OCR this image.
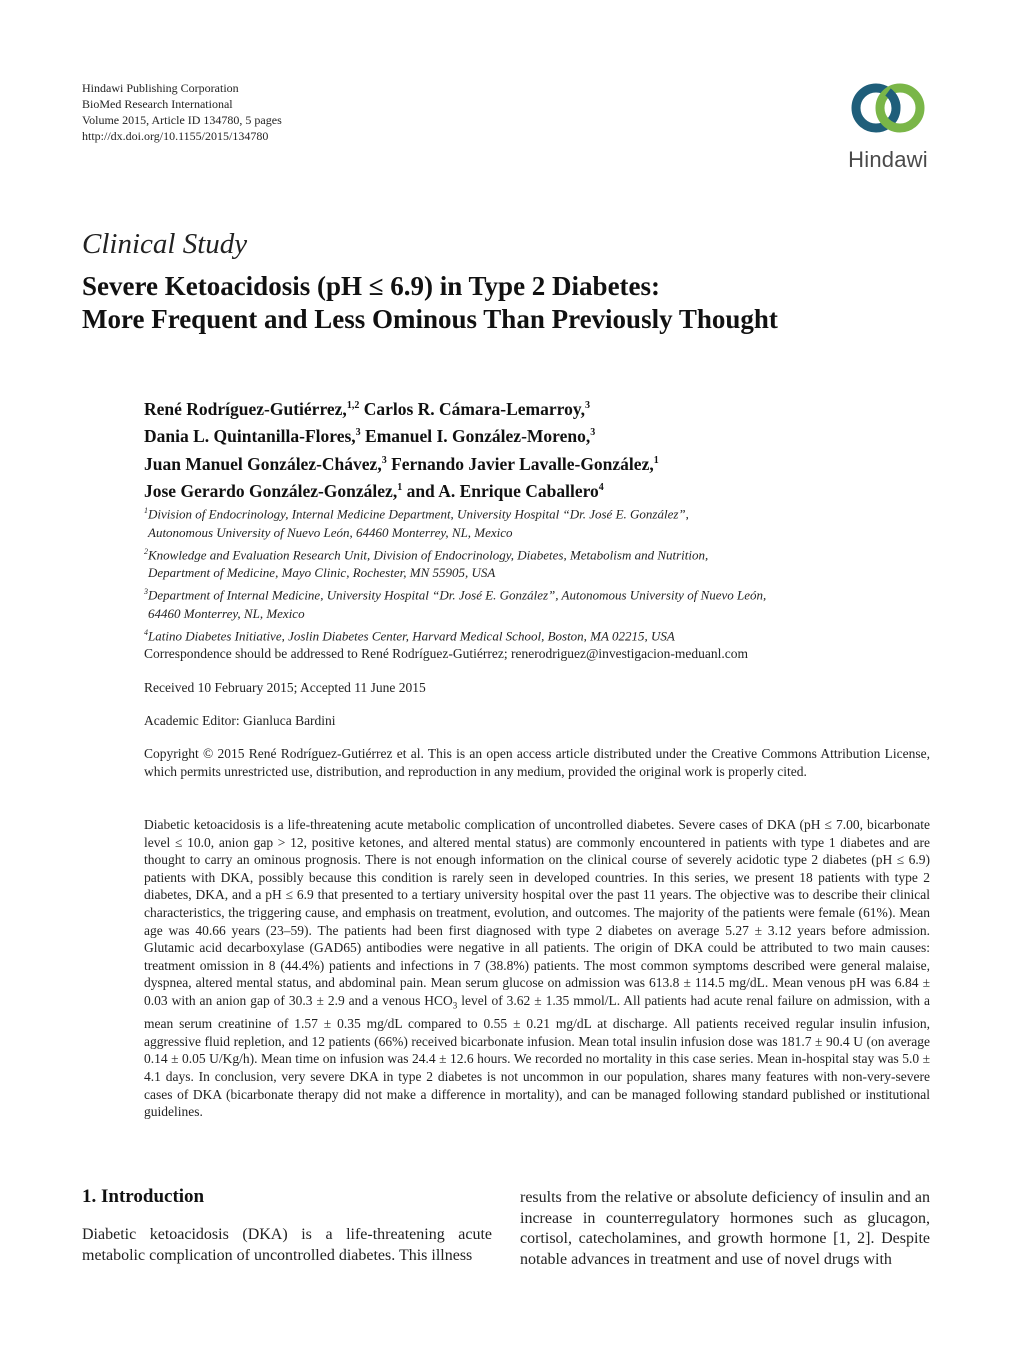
Hindawi Publishing Corporation
BioMed Research International
Volume 2015, Article ID 134780, 5 pages
http://dx.doi.org/10.1155/2015/134780
Hindawi
Clinical Study
Severe Ketoacidosis (pH ≤ 6.9) in Type 2 Diabetes:
More Frequent and Less Ominous Than Previously Thought
René Rodríguez-Gutiérrez,$^{1,2}$ Carlos R. Cámara-Lemarroy,$^3$
Dania L. Quintanilla-Flores,$^3$ Emanuel I. González-Moreno,$^3$
Juan Manuel González-Chávez,$^3$ Fernando Javier Lavalle-González,$^1$
Jose Gerardo González-González,$^1$ and A. Enrique Caballero$^4$
$^1$Division of Endocrinology, Internal Medicine Department, University Hospital “Dr. José E. González”,
Autonomous University of Nuevo León, 64460 Monterrey, NL, Mexico
$^2$Knowledge and Evaluation Research Unit, Division of Endocrinology, Diabetes, Metabolism and Nutrition,
Department of Medicine, Mayo Clinic, Rochester, MN 55905, USA
$^3$Department of Internal Medicine, University Hospital “Dr. José E. González”, Autonomous University of Nuevo León,
64460 Monterrey, NL, Mexico
$^4$Latino Diabetes Initiative, Joslin Diabetes Center, Harvard Medical School, Boston, MA 02215, USA
Correspondence should be addressed to René Rodríguez-Gutiérrez; renerodriguez@investigacion-meduanl.com
Received 10 February 2015; Accepted 11 June 2015
Academic Editor: Gianluca Bardini
Copyright © 2015 René Rodríguez-Gutiérrez et al. This is an open access article distributed under the Creative Commons Attribution License, which permits unrestricted use, distribution, and reproduction in any medium, provided the original work is properly cited.
Diabetic ketoacidosis is a life-threatening acute metabolic complication of uncontrolled diabetes. Severe cases of DKA (pH ≤ 7.00, bicarbonate level ≤ 10.0, anion gap > 12, positive ketones, and altered mental status) are commonly encountered in patients with type 1 diabetes and are thought to carry an ominous prognosis. There is not enough information on the clinical course of severely acidotic type 2 diabetes (pH ≤ 6.9) patients with DKA, possibly because this condition is rarely seen in developed countries. In this series, we present 18 patients with type 2 diabetes, DKA, and a pH ≤ 6.9 that presented to a tertiary university hospital over the past 11 years. The objective was to describe their clinical characteristics, the triggering cause, and emphasis on treatment, evolution, and outcomes. The majority of the patients were female (61%). Mean age was 40.66 years (23–59). The patients had been first diagnosed with type 2 diabetes on average 5.27 ± 3.12 years before admission. Glutamic acid decarboxylase (GAD65) antibodies were negative in all patients. The origin of DKA could be attributed to two main causes: treatment omission in 8 (44.4%) patients and infections in 7 (38.8%) patients. The most common symptoms described were general malaise, dyspnea, altered mental status, and abdominal pain. Mean serum glucose on admission was 613.8 ± 114.5 mg/dL. Mean venous pH was 6.84 ± 0.03 with an anion gap of 30.3 ± 2.9 and a venous $HCO_3$ level of 3.62 ± 1.35 mmol/L. All patients had acute renal failure on admission, with a mean serum creatinine of 1.57 ± 0.35 mg/dL compared to 0.55 ± 0.21 mg/dL at discharge. All patients received regular insulin infusion, aggressive fluid repletion, and 12 patients (66%) received bicarbonate infusion. Mean total insulin infusion dose was 181.7 ± 90.4 U (on average 0.14 ± 0.05 U/Kg/h). Mean time on infusion was 24.4 ± 12.6 hours. We recorded no mortality in this case series. Mean in-hospital stay was 5.0 ± 4.1 days. In conclusion, very severe DKA in type 2 diabetes is not uncommon in our population, shares many features with non-very-severe cases of DKA (bicarbonate therapy did not make a difference in mortality), and can be managed following standard published or institutional guidelines.
1. Introduction
Diabetic ketoacidosis (DKA) is a life-threatening acute metabolic complication of uncontrolled diabetes. This illness
results from the relative or absolute deficiency of insulin and an increase in counterregulatory hormones such as glucagon, cortisol, catecholamines, and growth hormone [1, 2]. Despite notable advances in treatment and use of novel drugs with
